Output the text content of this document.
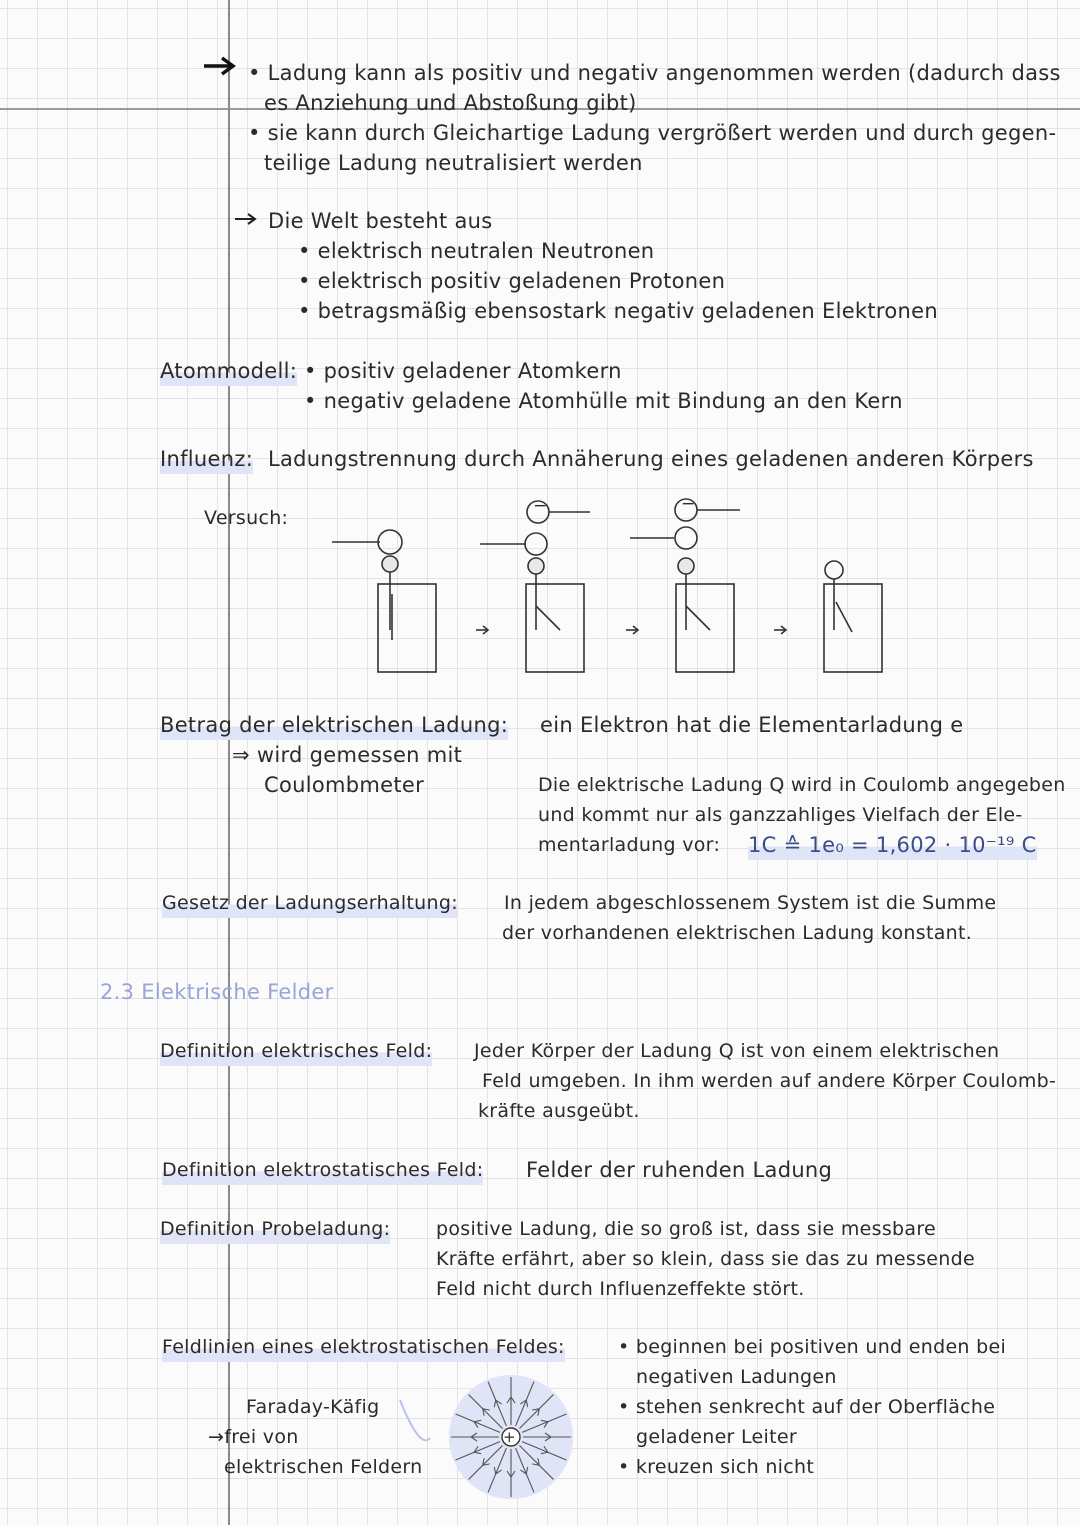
• Ladung kann als positiv und negativ angenommen werden (dadurch dass
es Anziehung und Abstoßung gibt)
• sie kann durch Gleichartige Ladung vergrößert werden und durch gegen-
teilige Ladung neutralisiert werden
Die Welt besteht aus
• elektrisch neutralen Neutronen
• elektrisch positiv geladenen Protonen
• betragsmäßig ebensostark negativ geladenen Elektronen
Atommodell: • positiv geladener Atomkern
• negativ geladene Atomhülle mit Bindung an den Kern
Influenz: Ladungstrennung durch Annäherung eines geladenen anderen Körpers
Versuch:
−	−
Betrag der elektrischen Ladung:
⇒ wird gemessen mit
Coulombmeter
ein Elektron hat die Elementarladung e
Die elektrische Ladung Q wird in Coulomb angegeben
und kommt nur als ganzzahliges Vielfach der Ele-
mentarladung vor: 1C ≙ 1e₀ = 1,602 · 10⁻¹⁹ C
Gesetz der Ladungserhaltung: In jedem abgeschlossenem System ist die Summe
der vorhandenen elektrischen Ladung konstant.
2.3 Elektrische Felder
Definition elektrisches Feld: Jeder Körper der Ladung Q ist von einem elektrischen
Feld umgeben. In ihm werden auf andere Körper Coulomb-
kräfte ausgeübt.
Definition elektrostatisches Feld: Felder der ruhenden Ladung
Definition Probeladung: positive Ladung, die so groß ist, dass sie messbare
Kräfte erfährt, aber so klein, dass sie das zu messende
Feld nicht durch Influenzeffekte stört.
Feldlinien eines elektrostatischen Feldes:	• beginnen bei positiven und enden bei
negativen Ladungen
• stehen senkrecht auf der Oberfläche
geladener Leiter
• kreuzen sich nicht
Faraday-Käfig
→frei von
elektrischen Feldern
+
